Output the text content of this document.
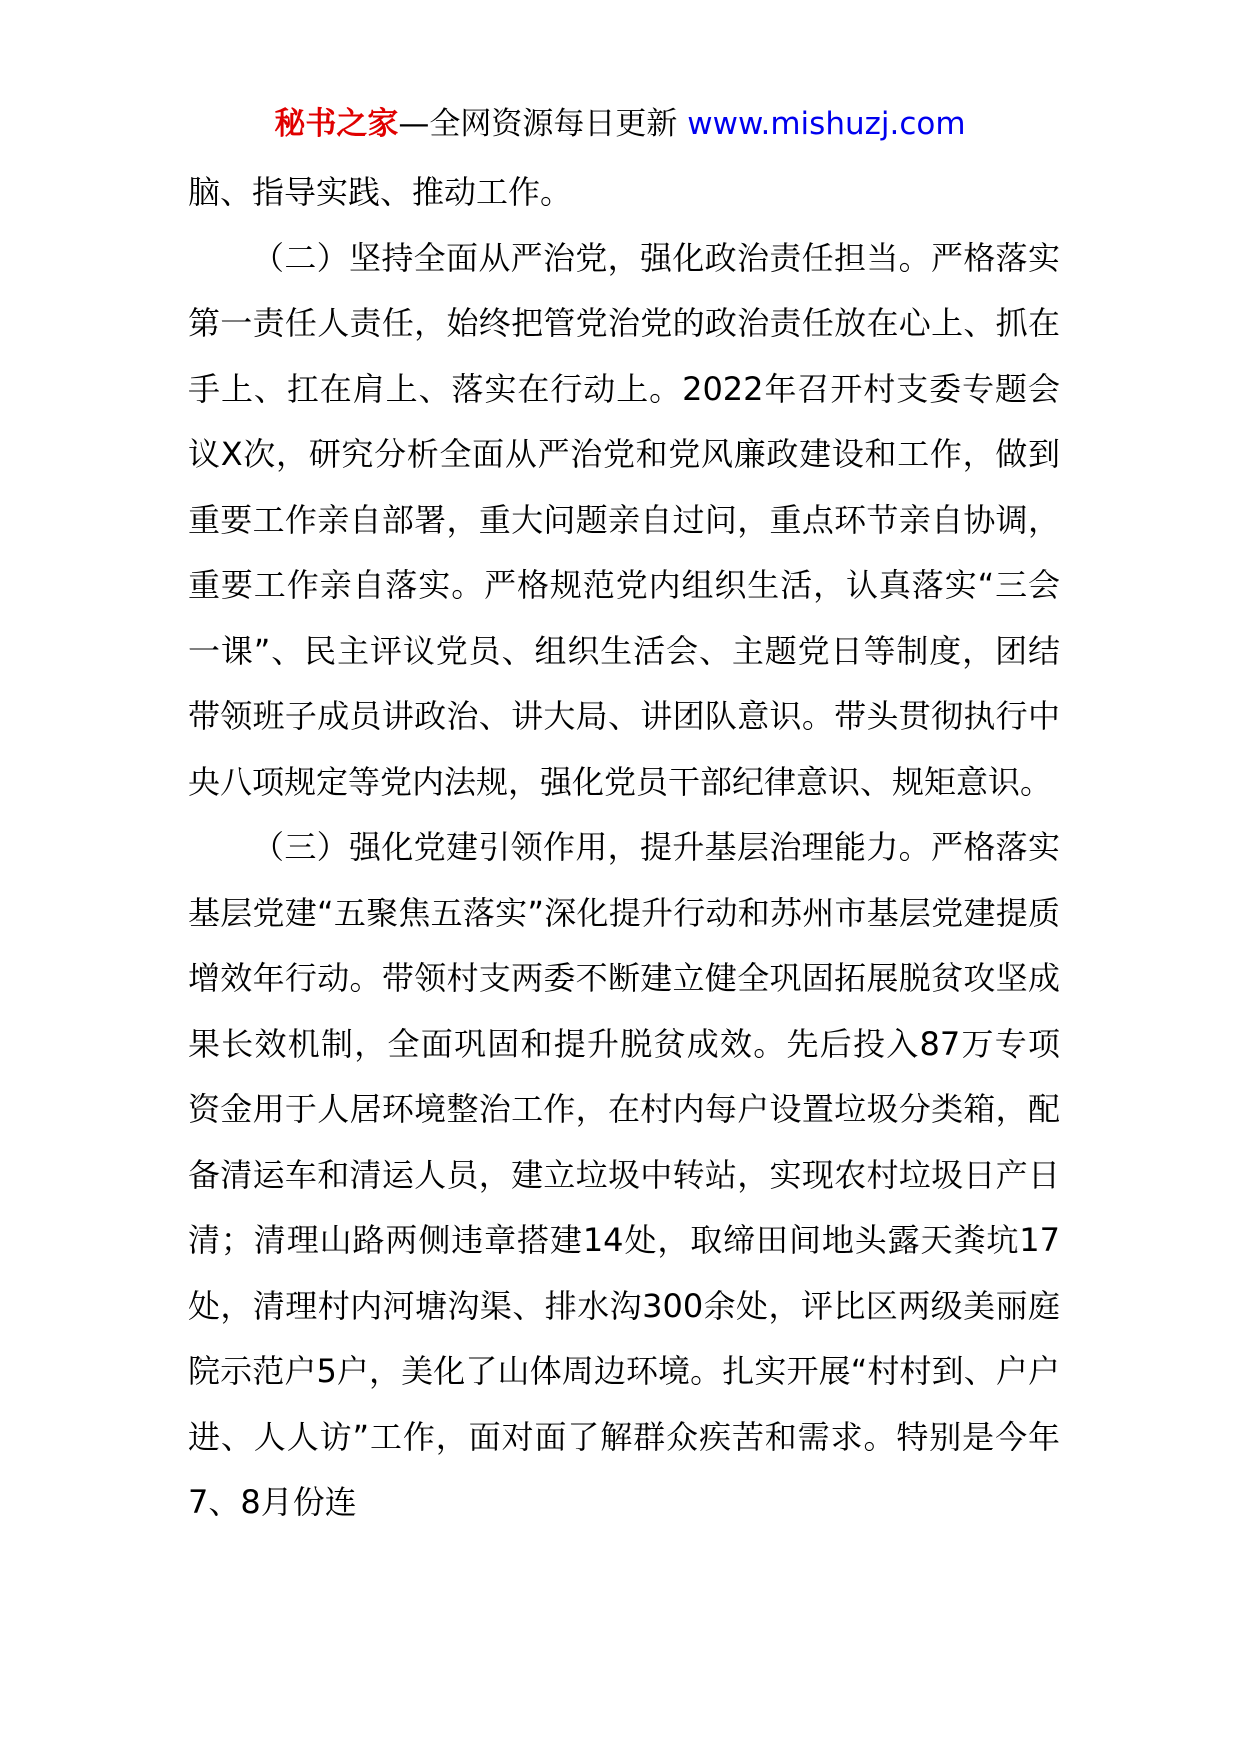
秘书之家—全网资源每日更新 www.mishuzj.com

脑、指导实践、推动工作。

（二）坚持全面从严治党，强化政治责任担当。严格落实第一责任人责任，始终把管党治党的政治责任放在心上、抓在手上、扛在肩上、落实在行动上。2022年召开村支委专题会议X次，研究分析全面从严治党和党风廉政建设和工作，做到重要工作亲自部署，重大问题亲自过问，重点环节亲自协调，重要工作亲自落实。严格规范党内组织生活，认真落实“三会一课”、民主评议党员、组织生活会、主题党日等制度，团结带领班子成员讲政治、讲大局、讲团队意识。带头贯彻执行中央八项规定等党内法规，强化党员干部纪律意识、规矩意识。

（三）强化党建引领作用，提升基层治理能力。严格落实基层党建“五聚焦五落实”深化提升行动和苏州市基层党建提质增效年行动。带领村支两委不断建立健全巩固拓展脱贫攻坚成果长效机制，全面巩固和提升脱贫成效。先后投入87万专项资金用于人居环境整治工作，在村内每户设置垃圾分类箱，配备清运车和清运人员，建立垃圾中转站，实现农村垃圾日产日清；清理山路两侧违章搭建14处，取缔田间地头露天粪坑17处，清理村内河塘沟渠、排水沟300余处，评比区两级美丽庭院示范户5户，美化了山体周边环境。扎实开展“村村到、户户进、人人访”工作，面对面了解群众疾苦和需求。特别是今年7、8月份连
